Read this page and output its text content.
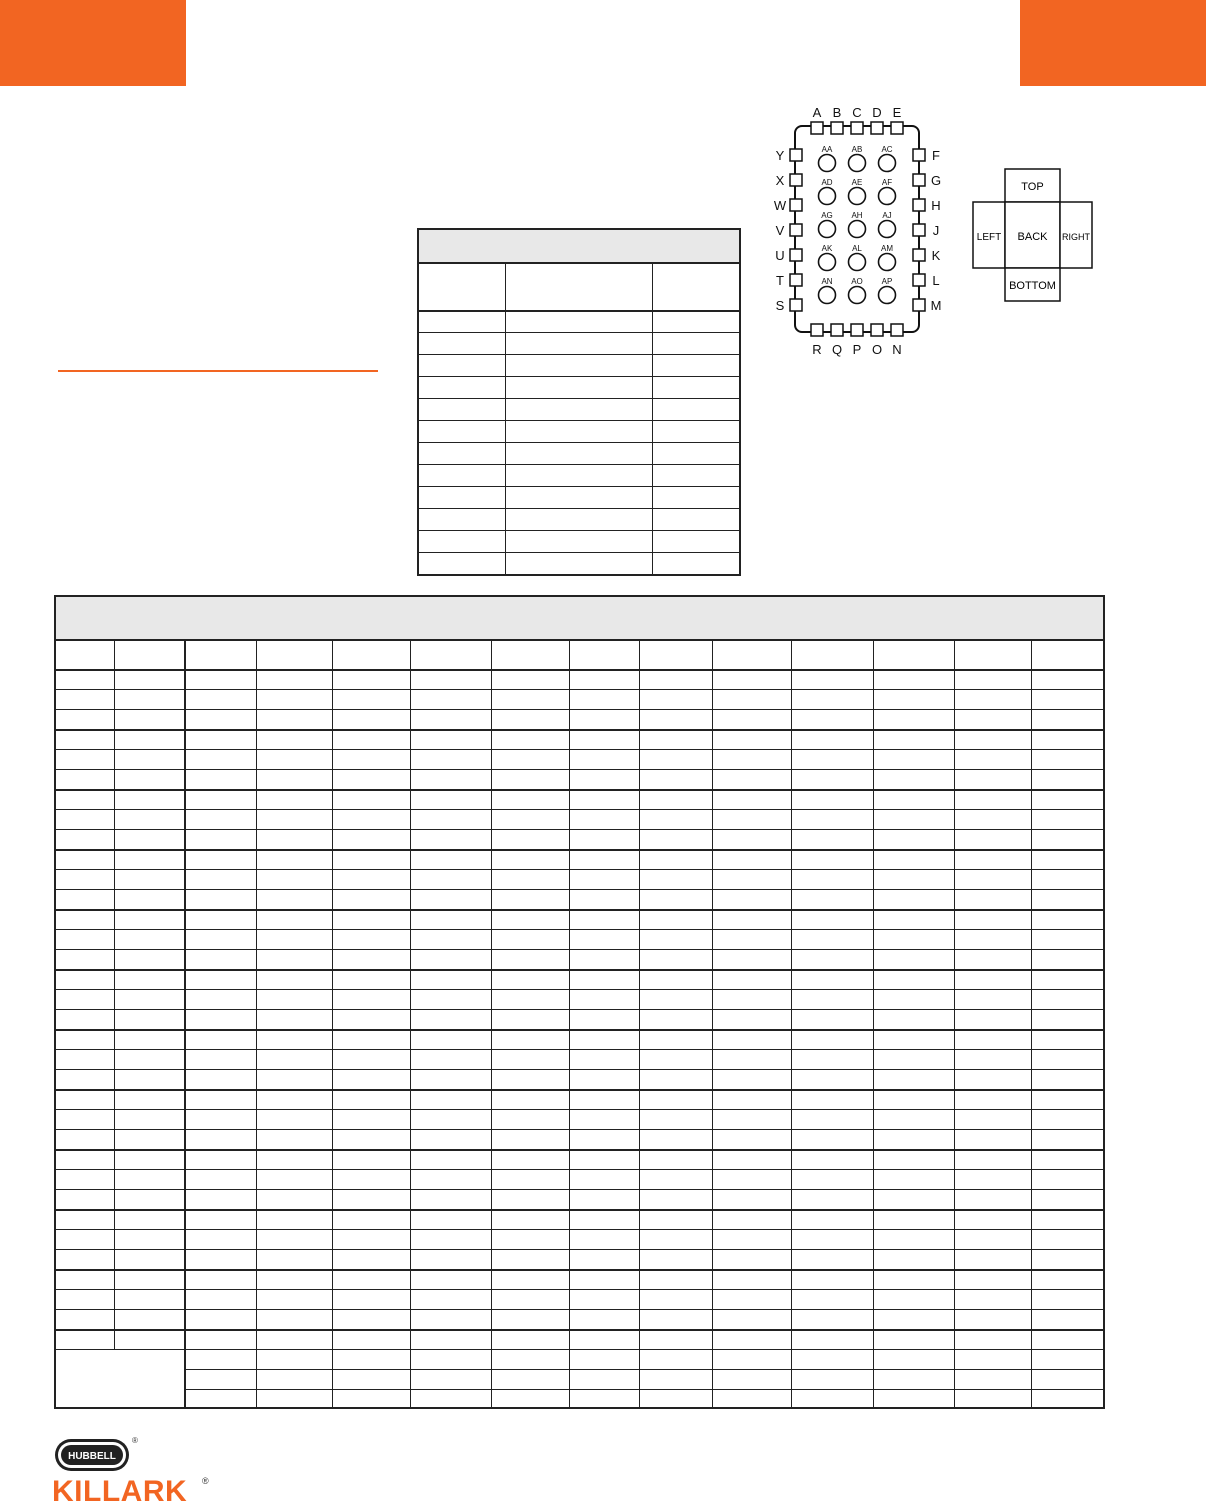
A B C D E
R Q P O N
Y
X
W
V
U
T
S
F
G
H
J
K
L
M
AA AB AC
AD AE AF
AG AH AJ
AK AL AM
AN AO AP
TOP
LEFT BACK RIGHT
BOTTOM
HUBBELL
®
KILLARK ®
